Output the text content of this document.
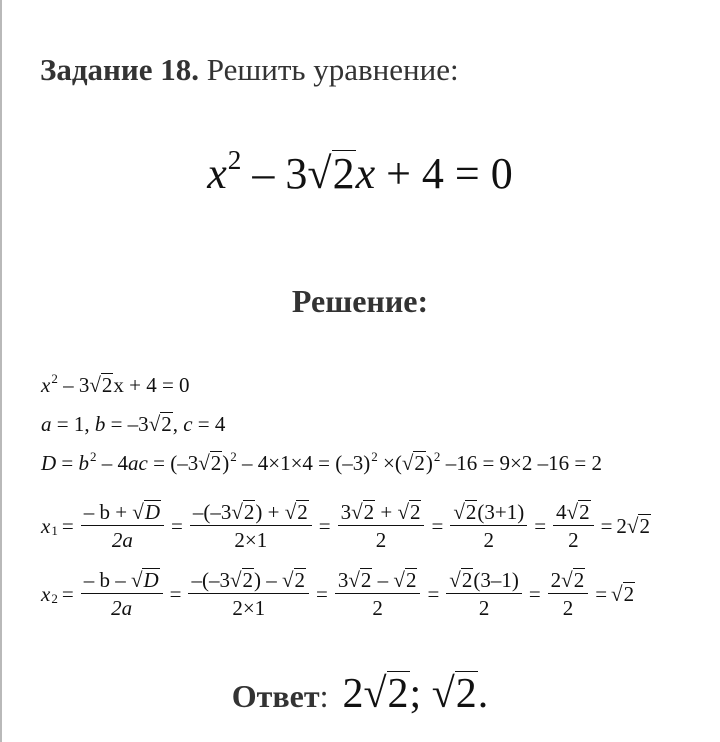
Задание 18. Решить уравнение:
$x^2 - 3√2x + 4 = 0$
Решение:
$x^2 - 3√2x + 4 = 0$
a = 1, b = –3√2, c = 4
$D = b^2 - 4ac = (-3√2)^2 - 4\times 1\times 4 = (-3)^2 \times(√2)^2$ –16 = 9×2 –16 = 2
x $1 = \frac{- b + √D}{2a} = \frac{-(-3√2) + √2}{2\times 1} = \frac{3√2 + √2}{2} = \frac{√2(3+1)}{2} = \frac{4√2}{2} = 2$ √2
x $2 = \frac{- b - √D}{2a} = \frac{-(-3√2) - √2}{2\times 1} = \frac{3√2 - √2}{2} = \frac{√2(3-1)}{2} = \frac{2√2}{2} = √2$
Ответ: 2√2; √2.
